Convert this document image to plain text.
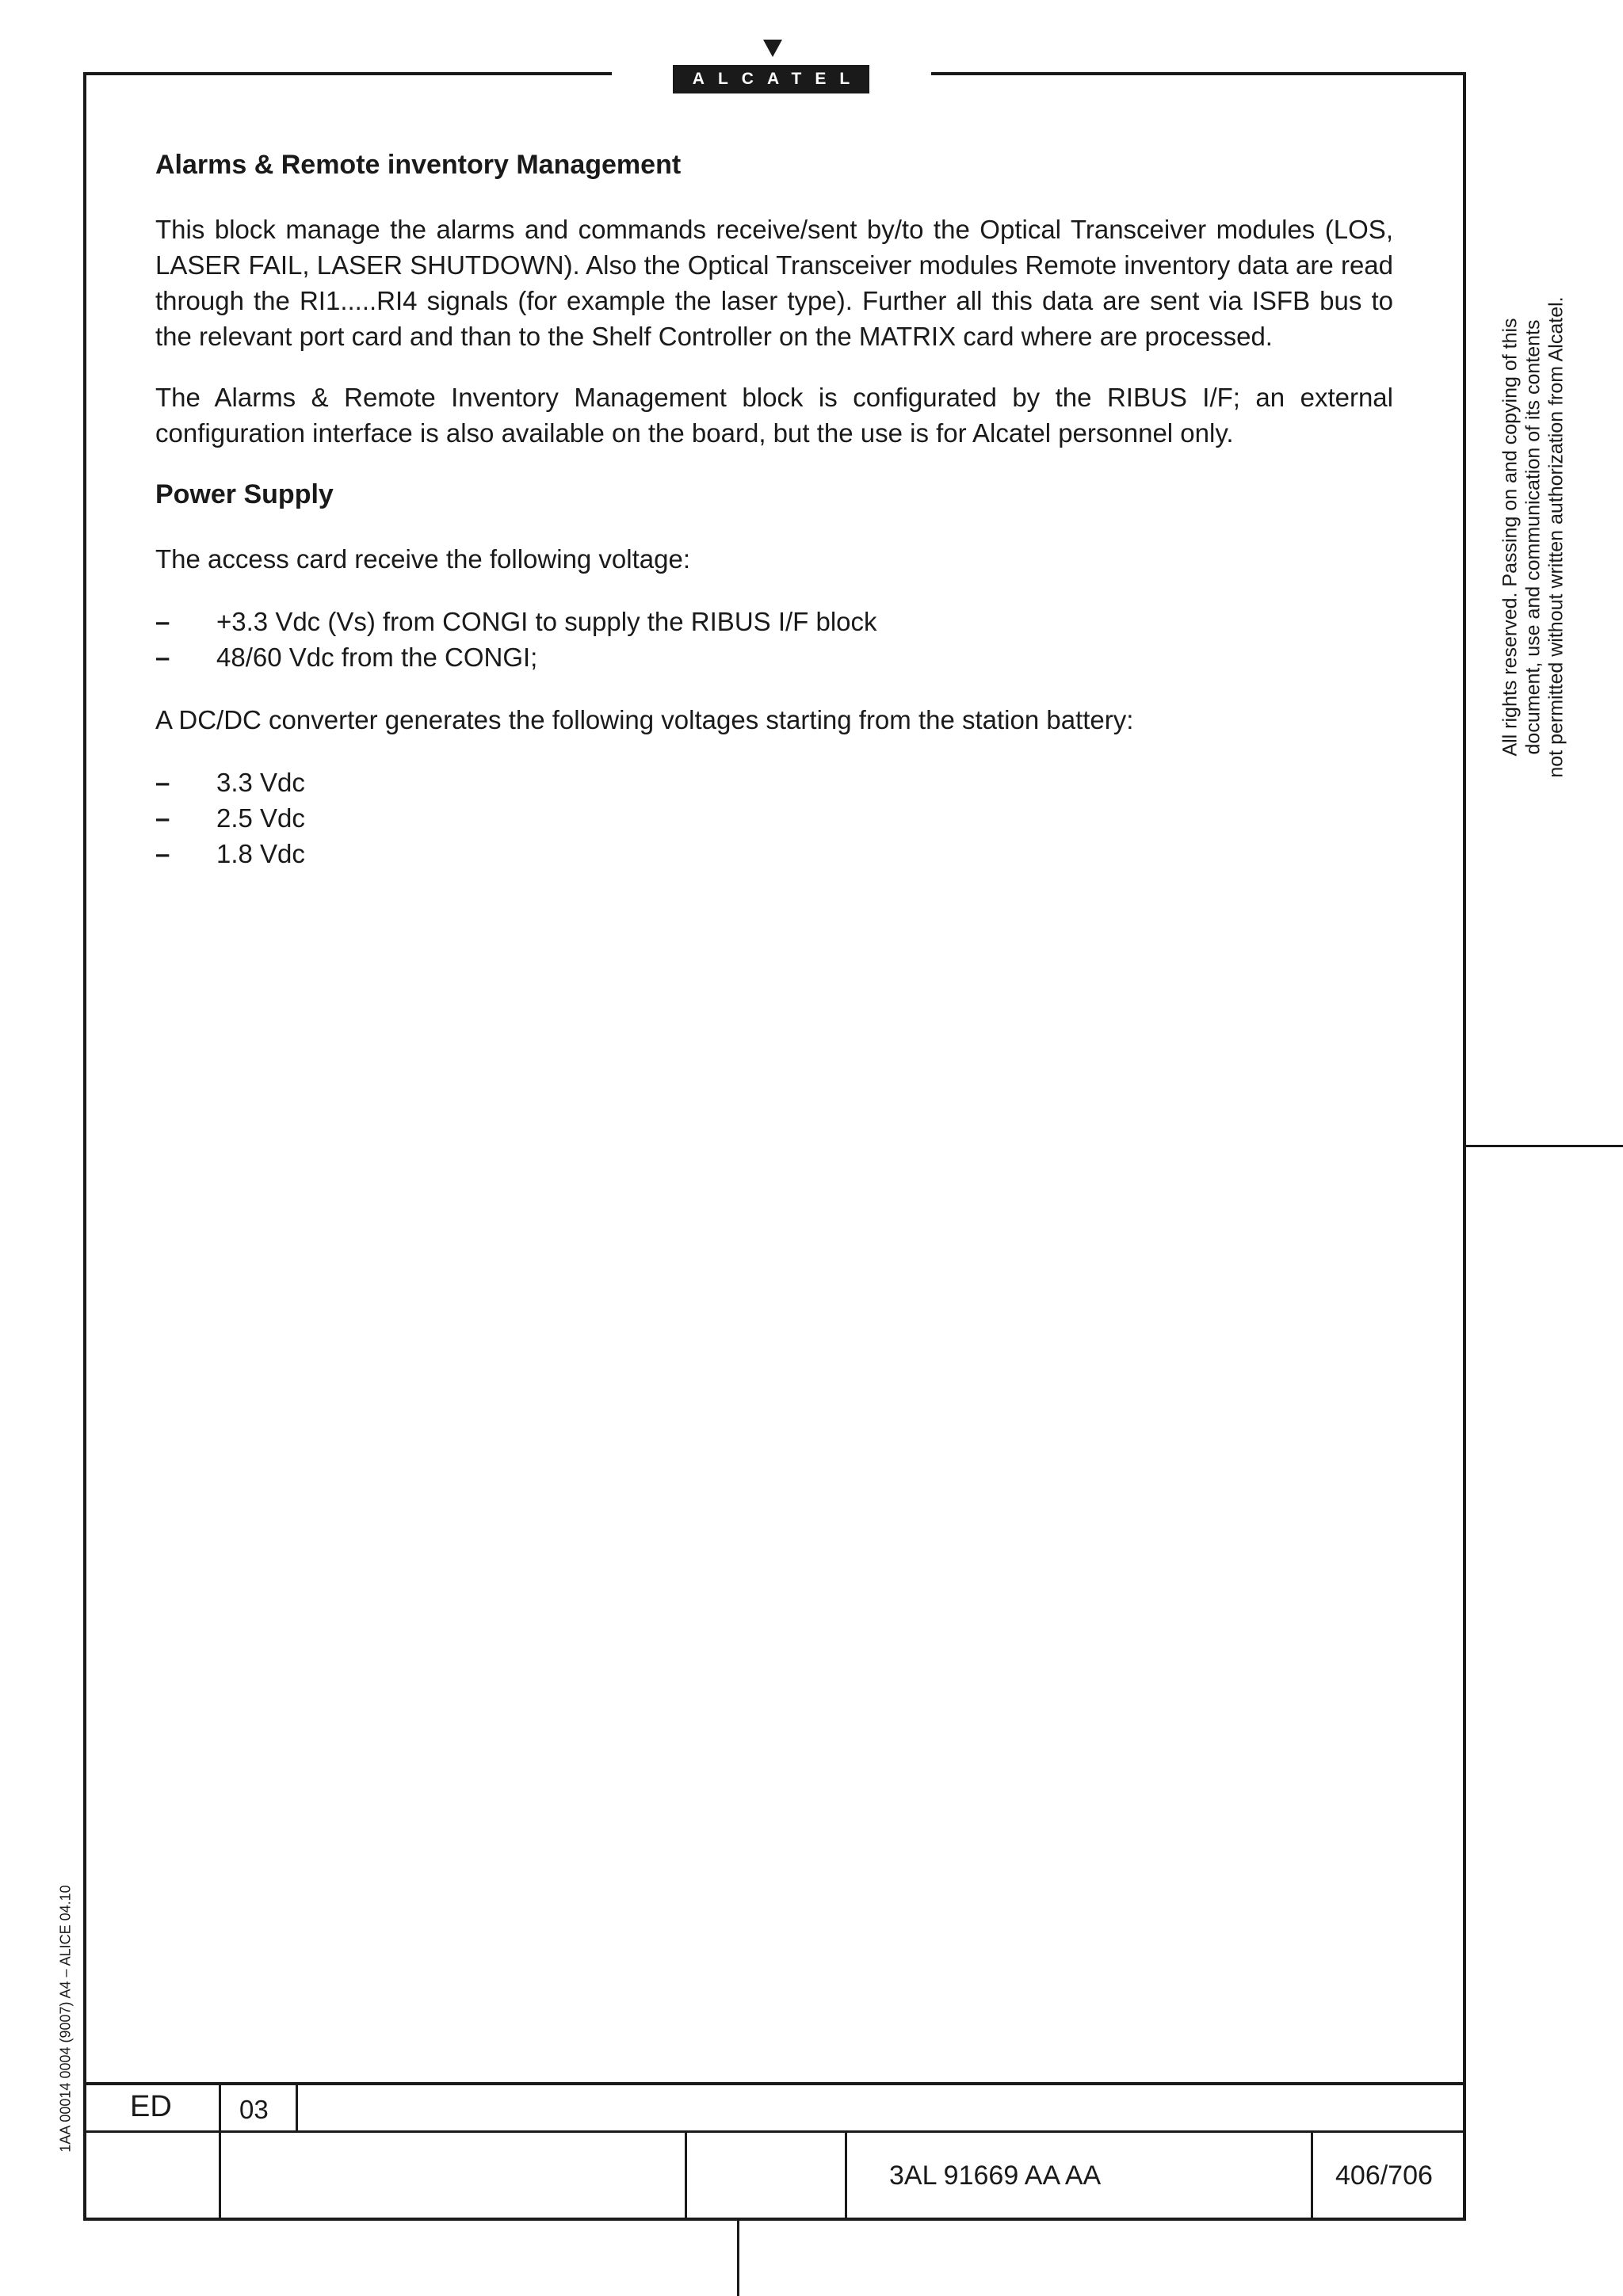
ALCATEL
Alarms & Remote inventory Management

This block manage the alarms and commands receive/sent by/to the Optical Transceiver modules (LOS, LASER FAIL, LASER SHUTDOWN). Also the Optical Transceiver modules Remote inventory data are read through the RI1.....RI4 signals (for example the laser type). Further all this data are sent via ISFB bus to the relevant port card and than to the Shelf Controller on the MATRIX card where are processed.

The Alarms & Remote Inventory Management block is configurated by the RIBUS I/F; an external configuration interface is also available on the board, but the use is for Alcatel personnel only.

Power Supply

The access card receive the following voltage:

–	+3.3 Vdc (Vs) from CONGI to supply the RIBUS I/F block
–	48/60 Vdc from the CONGI;

A DC/DC converter generates the following voltages starting from the station battery:

–	3.3 Vdc
–	2.5 Vdc
–	1.8 Vdc
All rights reserved. Passing on and copying of this document, use and communication of its contents not permitted without written authorization from Alcatel.
1AA 00014 0004 (9007) A4 – ALICE 04.10 ED	03
3AL 91669 AA AA	406/706
